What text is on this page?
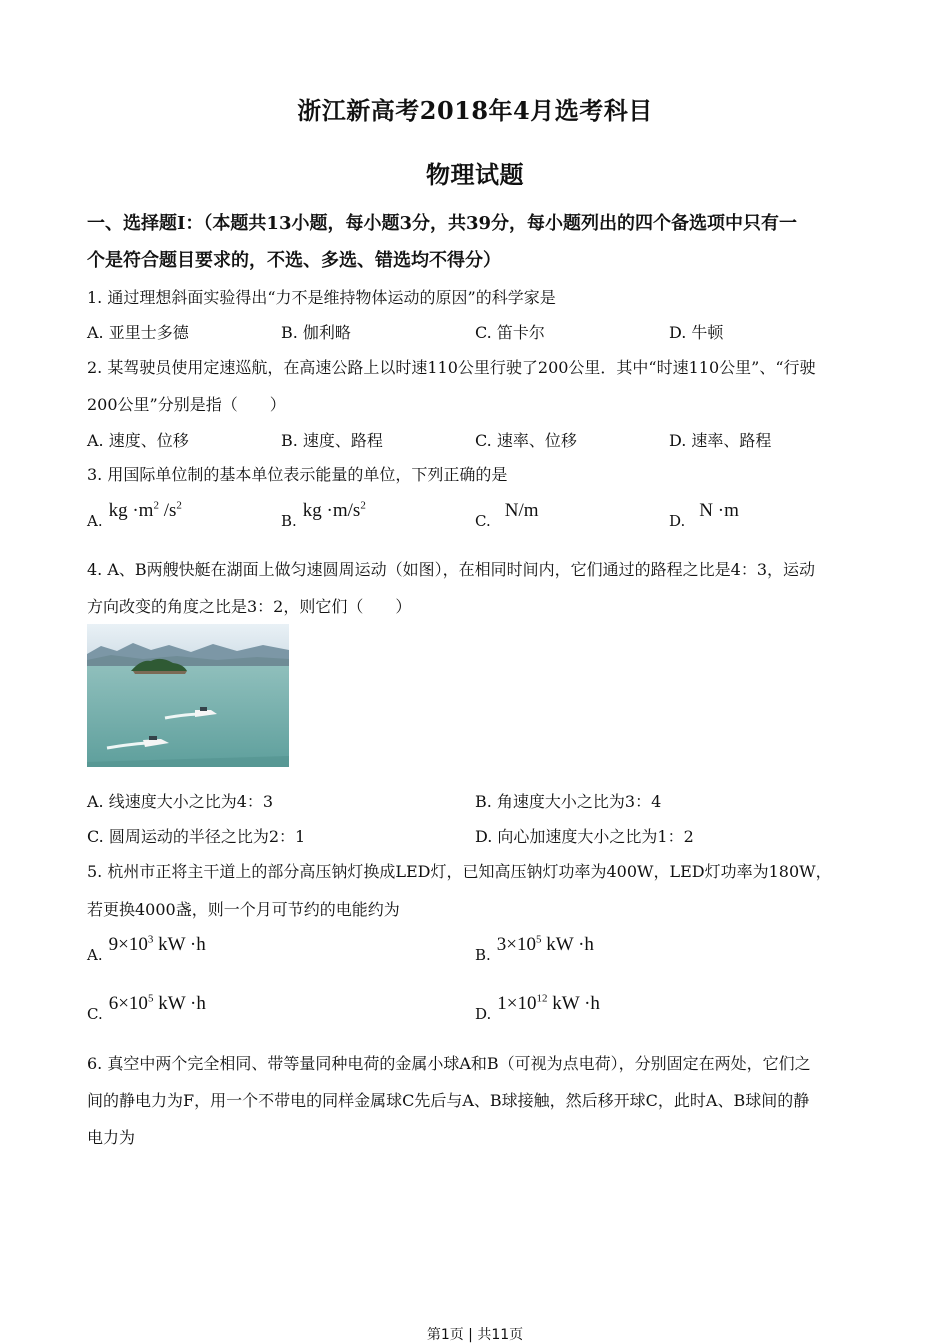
浙江新高考2018年4月选考科目
物理试题
一、选择题Ⅰ：（本题共13小题，每小题3分，共39分，每小题列出的四个备选项中只有一
个是符合题目要求的，不选、多选、错选均不得分）
1. 通过理想斜面实验得出“力不是维持物体运动的原因”的科学家是
A. 亚里士多德	B. 伽利略	C. 笛卡尔	D. 牛顿
2. 某驾驶员使用定速巡航，在高速公路上以时速110公里行驶了200公里．其中“时速110公里”、“行驶
200公里”分别是指（　　）
A. 速度、位移	B. 速度、路程	C. 速率、位移	D. 速率、路程
3. 用国际单位制的基本单位表示能量的单位，下列正确的是
A. kg $\cdot m^2$ $/s^2$
B. kg $\cdot m/s^2$
C. N/m	D. N ·m
4. A、B两艘快艇在湖面上做匀速圆周运动（如图），在相同时间内，它们通过的路程之比是4：3，运动
方向改变的角度之比是3：2，则它们（　　）
A. 线速度大小之比为4：3	B. 角速度大小之比为3：4
C. 圆周运动的半径之比为2：1	D. 向心加速度大小之比为1：2
5. 杭州市正将主干道上的部分高压钠灯换成LED灯，已知高压钠灯功率为400W，LED灯功率为180W，
若更换4000盏，则一个月可节约的电能约为
A. $9\times 10^3$ kW ·h	B. $3\times 10^5$ kW ·h
C. $6\times 10^5$ kW ·h	D. $1\times 10^{12}$ kW ·h
6. 真空中两个完全相同、带等量同种电荷的金属小球A和B（可视为点电荷），分别固定在两处，它们之
间的静电力为F，用一个不带电的同样金属球C先后与A、B球接触，然后移开球C，此时A、B球间的静
电力为
第1页 | 共11页
